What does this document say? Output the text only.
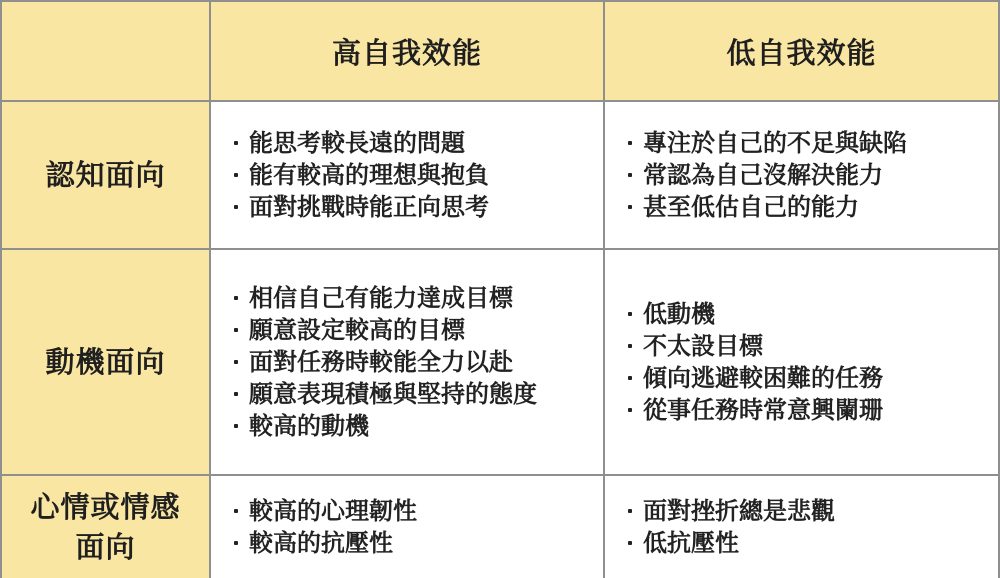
高自我效能	低自我效能
認知面向
能思考較長遠的問題
能有較高的理想與抱負
面對挑戰時能正向思考
專注於自己的不足與缺陷
常認為自己沒解決能力
甚至低估自己的能力
動機面向
相信自己有能力達成目標
願意設定較高的目標
面對任務時較能全力以赴
願意表現積極與堅持的態度
較高的動機
低動機
不太設目標
傾向逃避較困難的任務
從事任務時常意興闌珊
心情或情感
面向
較高的心理韌性
較高的抗壓性
面對挫折總是悲觀
低抗壓性
